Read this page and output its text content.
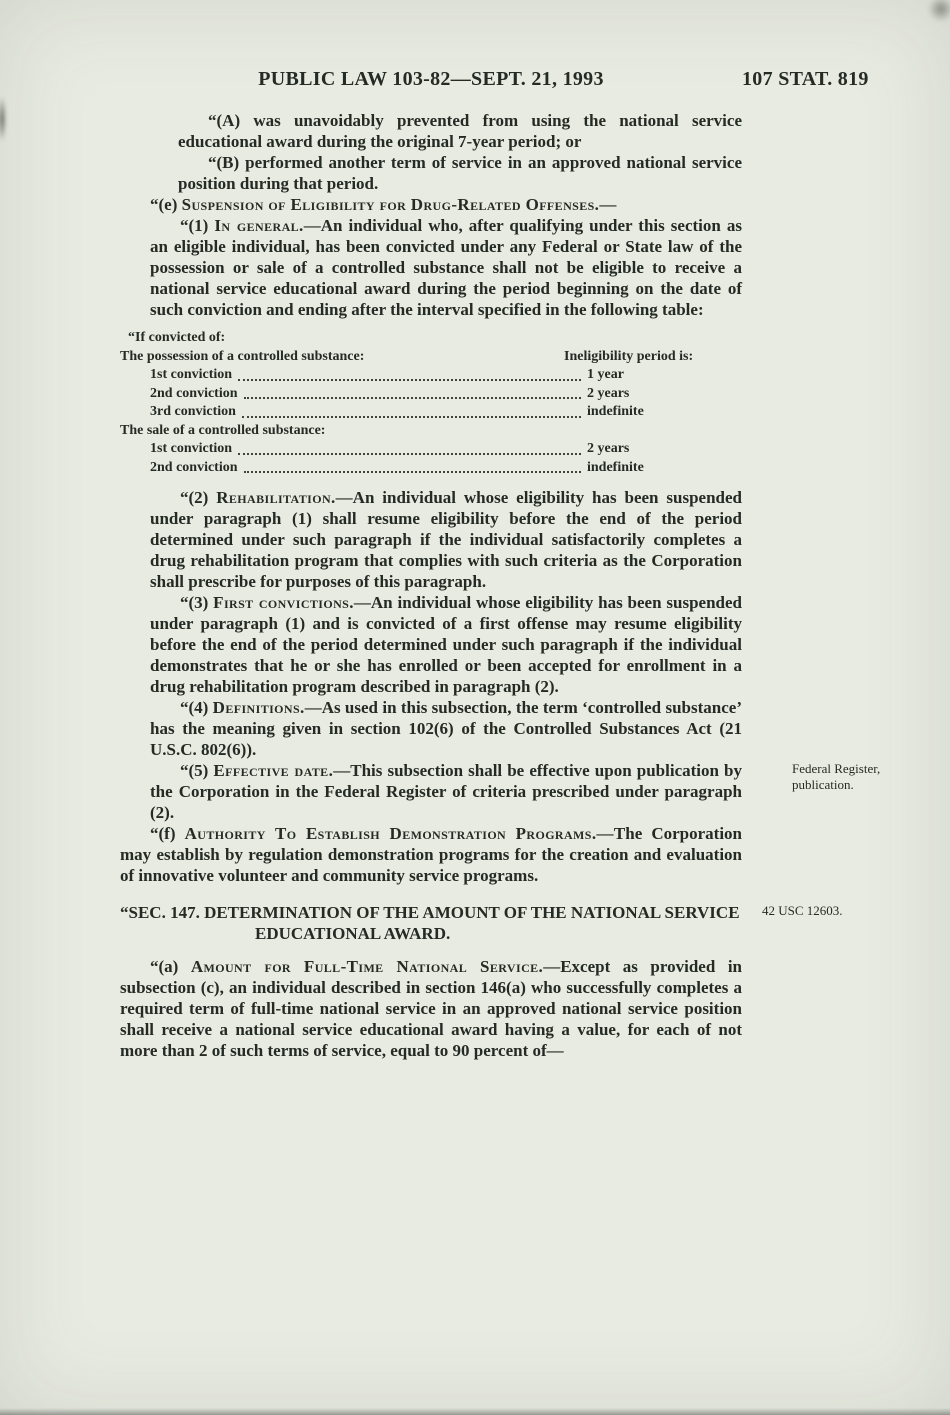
PUBLIC LAW 103-82—SEPT. 21, 1993	107 STAT. 819

“(A) was unavoidably prevented from using the national service educational award during the original 7-year period; or

“(B) performed another term of service in an approved national service position during that period.

“(e) Suspension of Eligibility for Drug-Related Offenses.—

“(1) In general.—An individual who, after qualifying under this section as an eligible individual, has been convicted under any Federal or State law of the possession or sale of a controlled substance shall not be eligible to receive a national service educational award during the period beginning on the date of such conviction and ending after the interval specified in the following table:

“If convicted of:
The possession of a controlled substance:	Ineligibility period is:
1st conviction	1 year
2nd conviction	2 years
3rd conviction	indefinite
The sale of a controlled substance:
1st conviction	2 years
2nd conviction	indefinite

“(2) Rehabilitation.—An individual whose eligibility has been suspended under paragraph (1) shall resume eligibility before the end of the period determined under such paragraph if the individual satisfactorily completes a drug rehabilitation program that complies with such criteria as the Corporation shall prescribe for purposes of this paragraph.

“(3) First convictions.—An individual whose eligibility has been suspended under paragraph (1) and is convicted of a first offense may resume eligibility before the end of the period determined under such paragraph if the individual demonstrates that he or she has enrolled or been accepted for enrollment in a drug rehabilitation program described in paragraph (2).

“(4) Definitions.—As used in this subsection, the term ‘controlled substance’ has the meaning given in section 102(6) of the Controlled Substances Act (21 U.S.C. 802(6)).

“(5) Effective date.—This subsection shall be effective upon publication by the Corporation in the Federal Register of criteria prescribed under paragraph (2).
Federal Register, publication.

“(f) Authority To Establish Demonstration Programs.—The Corporation may establish by regulation demonstration programs for the creation and evaluation of innovative volunteer and community service programs.

“SEC. 147. DETERMINATION OF THE AMOUNT OF THE NATIONAL SERVICE EDUCATIONAL AWARD.
42 USC 12603.

“(a) Amount for Full-Time National Service.—Except as provided in subsection (c), an individual described in section 146(a) who successfully completes a required term of full-time national service in an approved national service position shall receive a national service educational award having a value, for each of not more than 2 of such terms of service, equal to 90 percent of—
